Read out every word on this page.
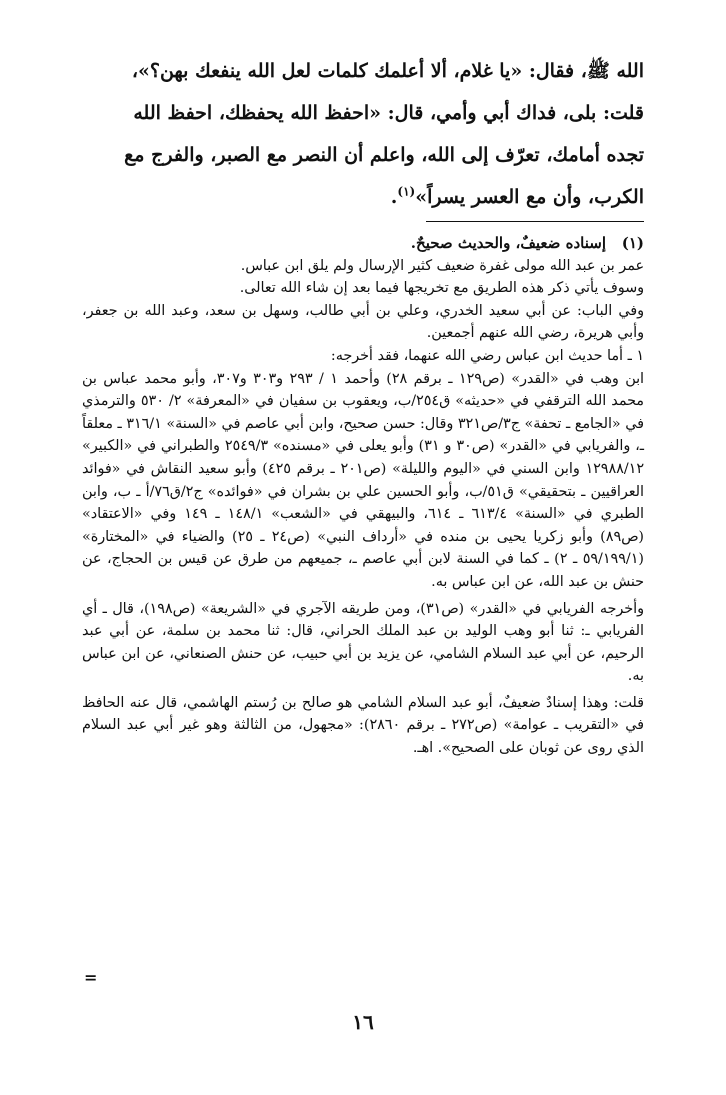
الله ﷺ، فقال: «يا غلام، ألا أعلمك كلمات لعل الله ينفعك بهن؟»،

قلت: بلى، فداك أبي وأمي، قال: «احفظ الله يحفظك، احفظ الله

تجده أمامك، تعرّف إلى الله، واعلم أن النصر مع الصبر، والفرج مع

الكرب، وأن مع العسر يسراً»$^{(١)}$.

(١)إسناده ضعيفٌ، والحديث صحيحٌ.

عمر بن عبد الله مولى غفرة ضعيف كثير الإرسال ولم يلق ابن عباس.

وسوف يأتي ذكر هذه الطريق مع تخريجها فيما بعد إن شاء الله تعالى.

وفي الباب: عن أبي سعيد الخدري، وعلي بن أبي طالب، وسهل بن سعد، وعبد الله بن جعفر، وأبي هريرة، رضي الله عنهم أجمعين.

١ ـ أما حديث ابن عباس رضي الله عنهما، فقد أخرجه:

ابن وهب في «القدر» (ص١٢٩ ـ برقم ٢٨) وأحمد ١ / ٢٩٣ و٣٠٣ و٣٠٧، وأبو محمد عباس بن محمد الله الترقفي في «حديثه» ق٢٥٤/ب، ويعقوب بن سفيان في «المعرفة» ٢/ ٥٣٠ والترمذي في «الجامع ـ تحفة» ج٣/ص٣٢١ وقال: حسن صحيح، وابن أبي عاصم في «السنة» ٣١٦/١ ـ معلقاً ـ، والفريابي في «القدر» (ص٣٠ و ٣١) وأبو يعلى في «مسنده» ٢٥٤٩/٣ والطبراني في «الكبير» ١٢٩٨٨/١٢ وابن السني في «اليوم والليلة» (ص٢٠١ ـ برقم ٤٢٥) وأبو سعيد النقاش في «فوائد العراقيين ـ بتحقيقي» ق٥١/ب، وأبو الحسين علي بن بشران في «فوائده» ج٢/ق٧٦/أ ـ ب، وابن الطبري في «السنة» ٦١٣/٤ ـ ٦١٤، والبيهقي في «الشعب» ١٤٨/١ ـ ١٤٩ وفي «الاعتقاد» (ص٨٩) وأبو زكريا يحيى بن منده في «أرداف النبي» (ص٢٤ ـ ٢٥) والضياء في «المختارة» (٥٩/١٩٩/١ ـ ٢) ـ كما في السنة لابن أبي عاصم ـ، جميعهم من طرق عن قيس بن الحجاج، عن حنش بن عبد الله، عن ابن عباس به.

وأخرجه الفريابي في «القدر» (ص٣١)، ومن طريقه الآجري في «الشريعة» (ص١٩٨)، قال ـ أي الفريابي ـ: ثنا أبو وهب الوليد بن عبد الملك الحراني، قال: ثنا محمد بن سلمة، عن أبي عبد الرحيم، عن أبي عبد السلام الشامي، عن يزيد بن أبي حبيب، عن حنش الصنعاني، عن ابن عباس به.

قلت: وهذا إسنادٌ ضعيفٌ، أبو عبد السلام الشامي هو صالح بن رُستم الهاشمي، قال عنه الحافظ في «التقريب ـ عوامة» (ص٢٧٢ ـ برقم ٢٨٦٠): «مجهول، من الثالثة وهو غير أبي عبد السلام الذي روى عن ثوبان على الصحيح». اهـ.

=
١٦
